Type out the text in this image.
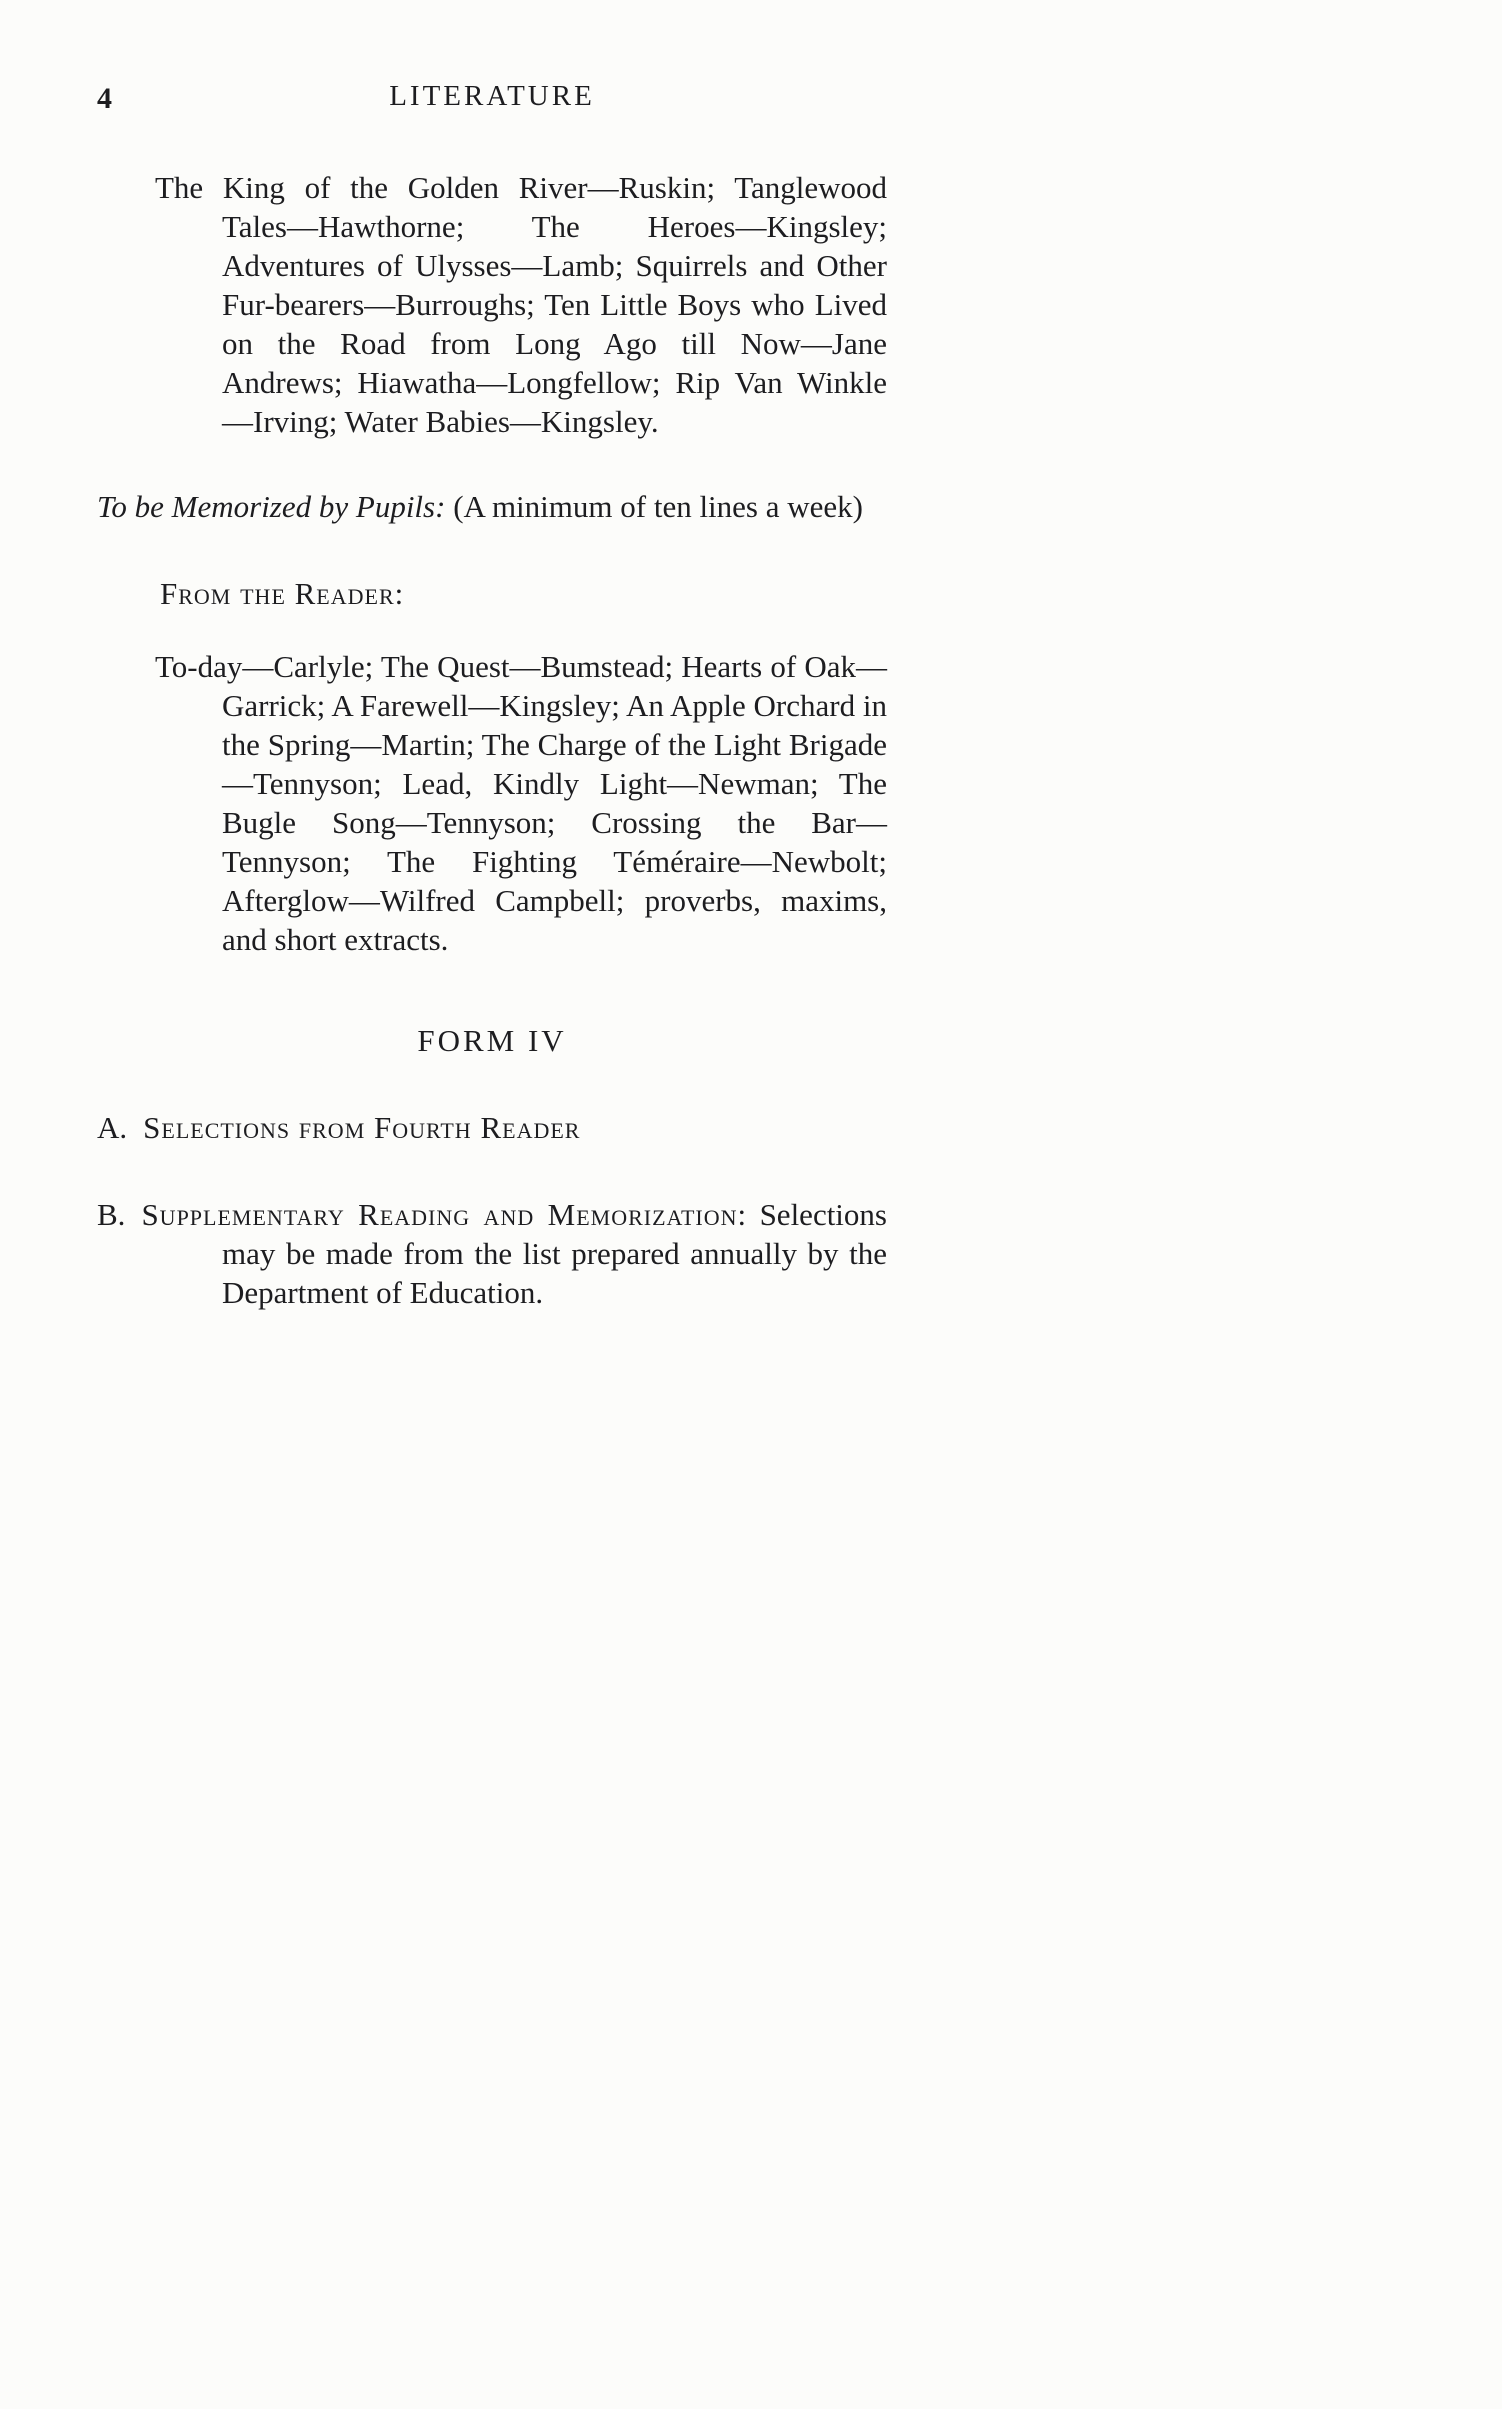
4	LITERATURE

The King of the Golden River—Ruskin; Tanglewood Tales—Hawthorne; The Heroes—Kingsley; Adventures of Ulysses—Lamb; Squirrels and Other Fur-bearers—Burroughs; Ten Little Boys who Lived on the Road from Long Ago till Now—Jane Andrews; Hiawatha—Longfellow; Rip Van Winkle—Irving; Water Babies—Kingsley.

To be Memorized by Pupils: (A minimum of ten lines a week)

From the Reader:

To-day—Carlyle; The Quest—Bumstead; Hearts of Oak—Garrick; A Farewell—Kingsley; An Apple Orchard in the Spring—Martin; The Charge of the Light Brigade—Tennyson; Lead, Kindly Light—Newman; The Bugle Song—Tennyson; Crossing the Bar—Tennyson; The Fighting Téméraire—Newbolt; Afterglow—Wilfred Campbell; proverbs, maxims, and short extracts.

FORM IV

A. Selections from Fourth Reader

B. Supplementary Reading and Memorization: Selections may be made from the list prepared annually by the Department of Education.
